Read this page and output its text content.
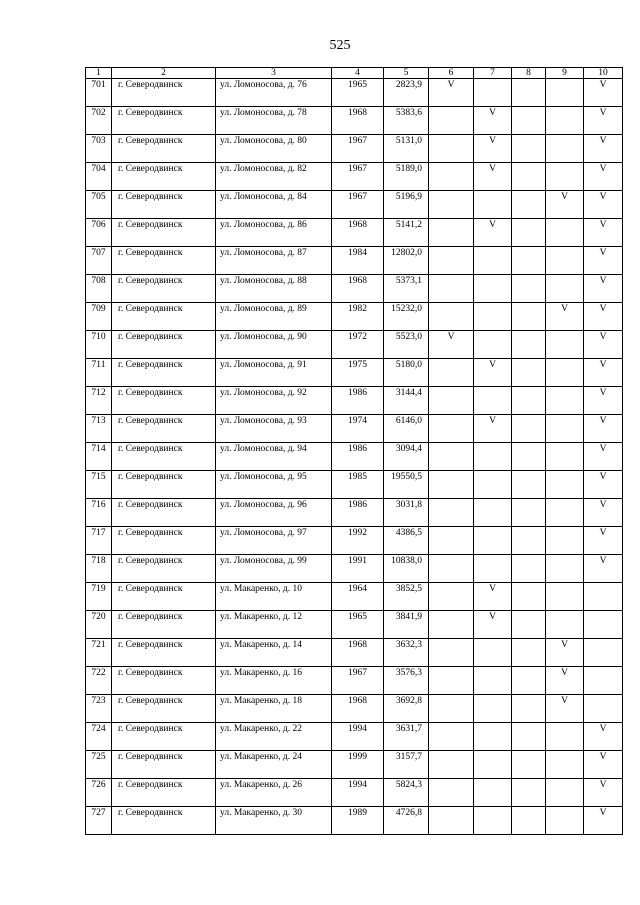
525
1	2	3	4	5	6	7	8	9	10
701	г. Северодвинск	ул. Ломоносова, д. 76	1965	2823,9	V				V
702	г. Северодвинск	ул. Ломоносова, д. 78	1968	5383,6		V			V
703	г. Северодвинск	ул. Ломоносова, д. 80	1967	5131,0		V			V
704	г. Северодвинск	ул. Ломоносова, д. 82	1967	5189,0		V			V
705	г. Северодвинск	ул. Ломоносова, д. 84	1967	5196,9				V	V
706	г. Северодвинск	ул. Ломоносова, д. 86	1968	5141,2		V			V
707	г. Северодвинск	ул. Ломоносова, д. 87	1984	12802,0					V
708	г. Северодвинск	ул. Ломоносова, д. 88	1968	5373,1					V
709	г. Северодвинск	ул. Ломоносова, д. 89	1982	15232,0				V	V
710	г. Северодвинск	ул. Ломоносова, д. 90	1972	5523,0	V				V
711	г. Северодвинск	ул. Ломоносова, д. 91	1975	5180,0		V			V
712	г. Северодвинск	ул. Ломоносова, д. 92	1986	3144,4					V
713	г. Северодвинск	ул. Ломоносова, д. 93	1974	6146,0		V			V
714	г. Северодвинск	ул. Ломоносова, д. 94	1986	3094,4					V
715	г. Северодвинск	ул. Ломоносова, д. 95	1985	19550,5					V
716	г. Северодвинск	ул. Ломоносова, д. 96	1986	3031,8					V
717	г. Северодвинск	ул. Ломоносова, д. 97	1992	4386,5					V
718	г. Северодвинск	ул. Ломоносова, д. 99	1991	10838,0					V
719	г. Северодвинск	ул. Макаренко, д. 10	1964	3852,5		V			
720	г. Северодвинск	ул. Макаренко, д. 12	1965	3841,9		V			
721	г. Северодвинск	ул. Макаренко, д. 14	1968	3632,3				V	
722	г. Северодвинск	ул. Макаренко, д. 16	1967	3576,3				V	
723	г. Северодвинск	ул. Макаренко, д. 18	1968	3692,8				V	
724	г. Северодвинск	ул. Макаренко, д. 22	1994	3631,7					V
725	г. Северодвинск	ул. Макаренко, д. 24	1999	3157,7					V
726	г. Северодвинск	ул. Макаренко, д. 26	1994	5824,3					V
727	г. Северодвинск	ул. Макаренко, д. 30	1989	4726,8					V
